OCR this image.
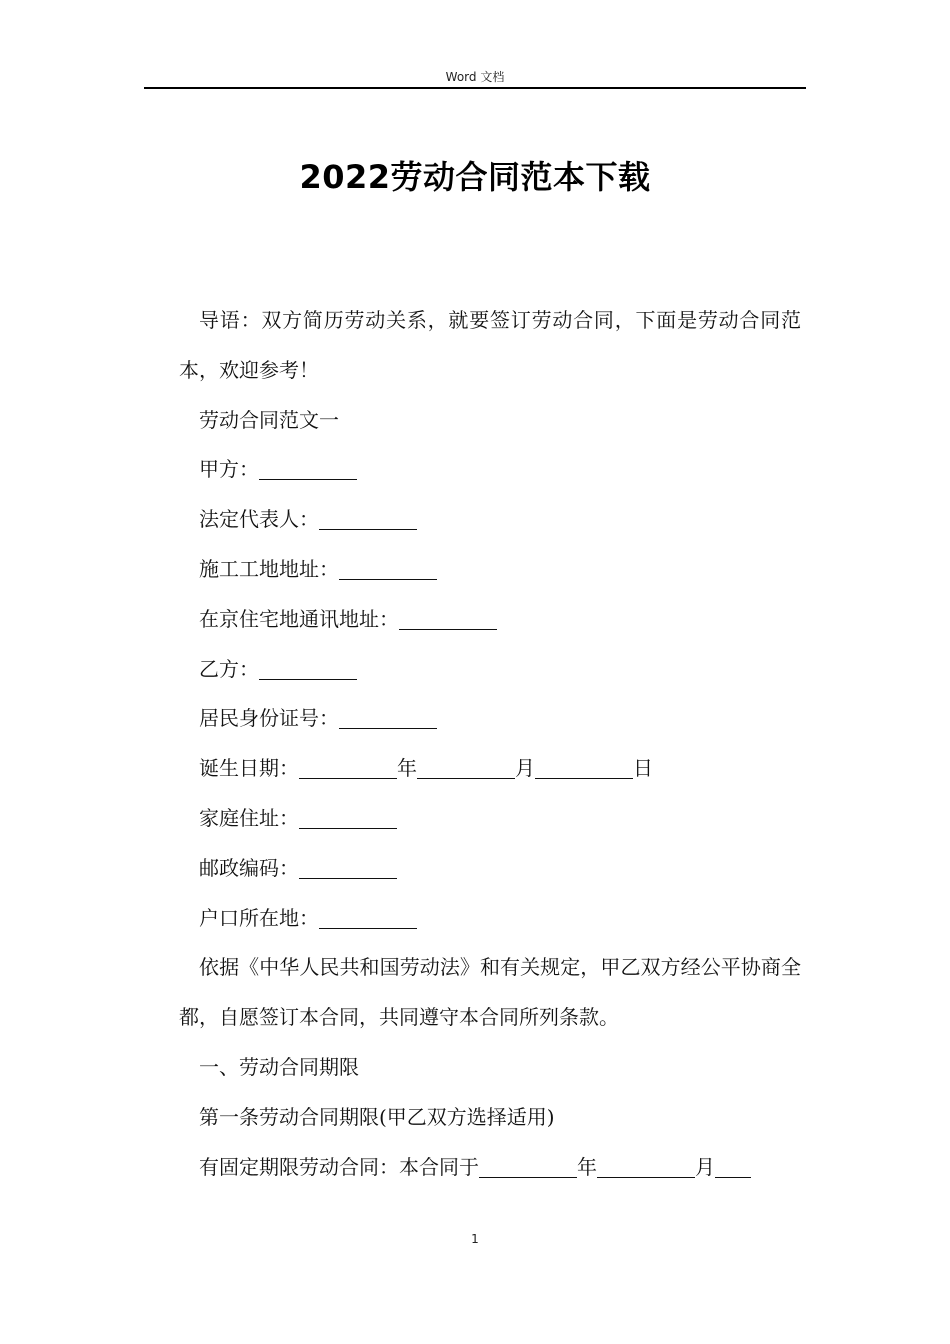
Word 文档
2022劳动合同范本下载

导语：双方简历劳动关系，就要签订劳动合同，下面是劳动合同范本，欢迎参考！

劳动合同范文一

甲方：

法定代表人：

施工工地地址：

在京住宅地通讯地址：

乙方：

居民身份证号：

诞生日期：	年	月	日

家庭住址：

邮政编码：

户口所在地：

依据《中华人民共和国劳动法》和有关规定，甲乙双方经公平协商全都，自愿签订本合同，共同遵守本合同所列条款。

一、劳动合同期限

第一条劳动合同期限(甲乙双方选择适用)

有固定期限劳动合同：本合同于	年	月

1
